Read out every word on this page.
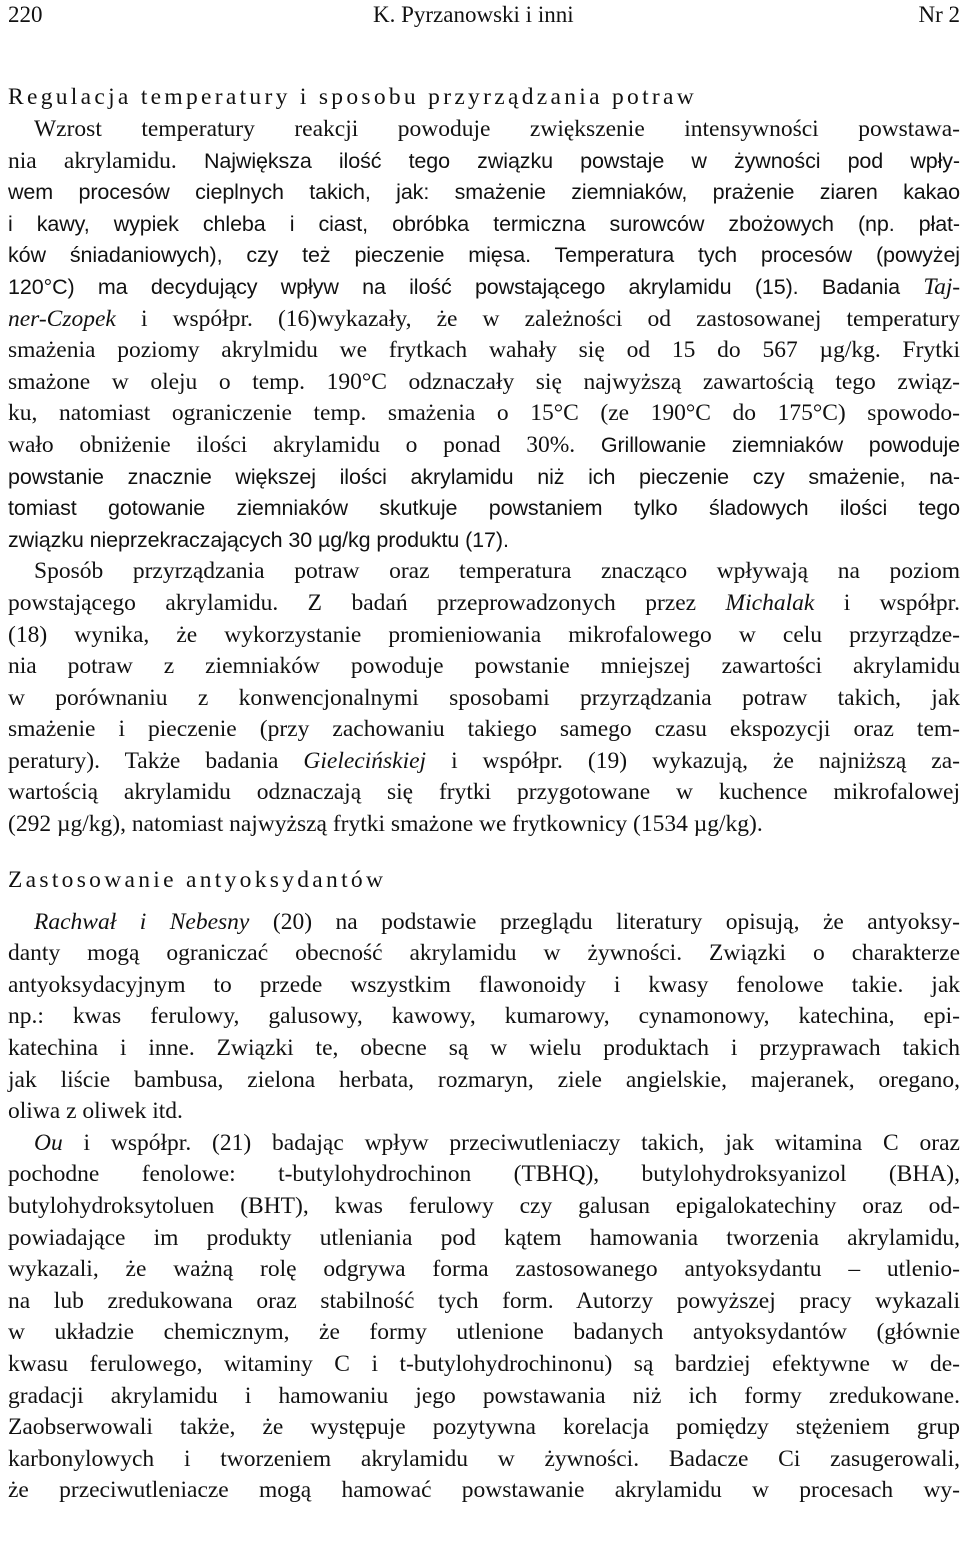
220	K. Pyrzanowski i inni	Nr 2
Regulacja temperatury i sposobu przyrządzania potraw
Wzrost temperatury reakcji powoduje zwiększenie intensywności powstawa-
nia akrylamidu. Największa ilość tego związku powstaje w żywności pod wpły-
wem procesów cieplnych takich, jak: smażenie ziemniaków, prażenie ziaren kakao
i kawy, wypiek chleba i ciast, obróbka termiczna surowców zbożowych (np. płat-
ków śniadaniowych), czy też pieczenie mięsa. Temperatura tych procesów (powyżej
120°C) ma decydujący wpływ na ilość powstającego akrylamidu (15). Badania Taj-
ner-Czopek i współpr. (16)wykazały, że w zależności od zastosowanej temperatury
smażenia poziomy akrylmidu we frytkach wahały się od 15 do 567 µg/kg. Frytki
smażone w oleju o temp. 190°C odznaczały się najwyższą zawartością tego związ-
ku, natomiast ograniczenie temp. smażenia o 15°C (ze 190°C do 175°C) spowodo-
wało obniżenie ilości akrylamidu o ponad 30%. Grillowanie ziemniaków powoduje
powstanie znacznie większej ilości akrylamidu niż ich pieczenie czy smażenie, na-
tomiast gotowanie ziemniaków skutkuje powstaniem tylko śladowych ilości tego
związku nieprzekraczających 30 µg/kg produktu (17).
Sposób przyrządzania potraw oraz temperatura znacząco wpływają na poziom
powstającego akrylamidu. Z badań przeprowadzonych przez Michalak i współpr.
(18) wynika, że wykorzystanie promieniowania mikrofalowego w celu przyrządze-
nia potraw z ziemniaków powoduje powstanie mniejszej zawartości akrylamidu
w porównaniu z konwencjonalnymi sposobami przyrządzania potraw takich, jak
smażenie i pieczenie (przy zachowaniu takiego samego czasu ekspozycji oraz tem-
peratury). Także badania Gielecińskiej i współpr. (19) wykazują, że najniższą za-
wartością akrylamidu odznaczają się frytki przygotowane w kuchence mikrofalowej
(292 µg/kg), natomiast najwyższą frytki smażone we frytkownicy (1534 µg/kg).
Zastosowanie antyoksydantów
Rachwał i Nebesny (20) na podstawie przeglądu literatury opisują, że antyoksy-
danty mogą ograniczać obecność akrylamidu w żywności. Związki o charakterze
antyoksydacyjnym to przede wszystkim flawonoidy i kwasy fenolowe takie. jak
np.: kwas ferulowy, galusowy, kawowy, kumarowy, cynamonowy, katechina, epi-
katechina i inne. Związki te, obecne są w wielu produktach i przyprawach takich
jak liście bambusa, zielona herbata, rozmaryn, ziele angielskie, majeranek, oregano,
oliwa z oliwek itd.
Ou i współpr. (21) badając wpływ przeciwutleniaczy takich, jak witamina C oraz
pochodne fenolowe: t-butylohydrochinon (TBHQ), butylohydroksyanizol (BHA),
butylohydroksytoluen (BHT), kwas ferulowy czy galusan epigalokatechiny oraz od-
powiadające im produkty utleniania pod kątem hamowania tworzenia akrylamidu,
wykazali, że ważną rolę odgrywa forma zastosowanego antyoksydantu – utlenio-
na lub zredukowana oraz stabilność tych form. Autorzy powyższej pracy wykazali
w układzie chemicznym, że formy utlenione badanych antyoksydantów (głównie
kwasu ferulowego, witaminy C i t-butylohydrochinonu) są bardziej efektywne w de-
gradacji akrylamidu i hamowaniu jego powstawania niż ich formy zredukowane.
Zaobserwowali także, że występuje pozytywna korelacja pomiędzy stężeniem grup
karbonylowych i tworzeniem akrylamidu w żywności. Badacze Ci zasugerowali,
że przeciwutleniacze mogą hamować powstawanie akrylamidu w procesach wy-
